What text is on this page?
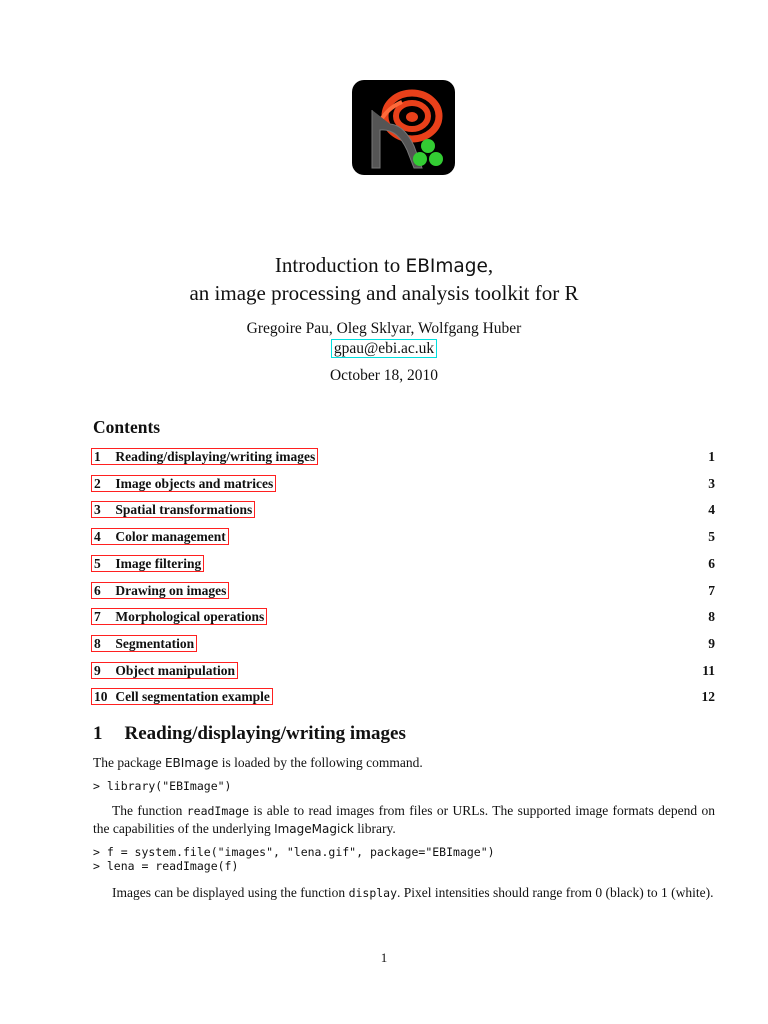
Introduction to EBImage,
an image processing and analysis toolkit for R
Gregoire Pau, Oleg Sklyar, Wolfgang Huber
gpau@ebi.ac.uk
October 18, 2010
Contents
1 Reading/displaying/writing images	1
2 Image objects and matrices	3
3 Spatial transformations	4
4 Color management	5
5 Image filtering	6
6 Drawing on images	7
7 Morphological operations	8
8 Segmentation	9
9 Object manipulation	11
10 Cell segmentation example	12
1 Reading/displaying/writing images
The package EBImage is loaded by the following command.
> library("EBImage")
The function readImage is able to read images from files or URLs. The supported image formats depend on the capabilities of the underlying ImageMagick library.
> f = system.file("images", "lena.gif", package="EBImage")
> lena = readImage(f)
Images can be displayed using the function display. Pixel intensities should range from 0 (black) to 1 (white).
1
